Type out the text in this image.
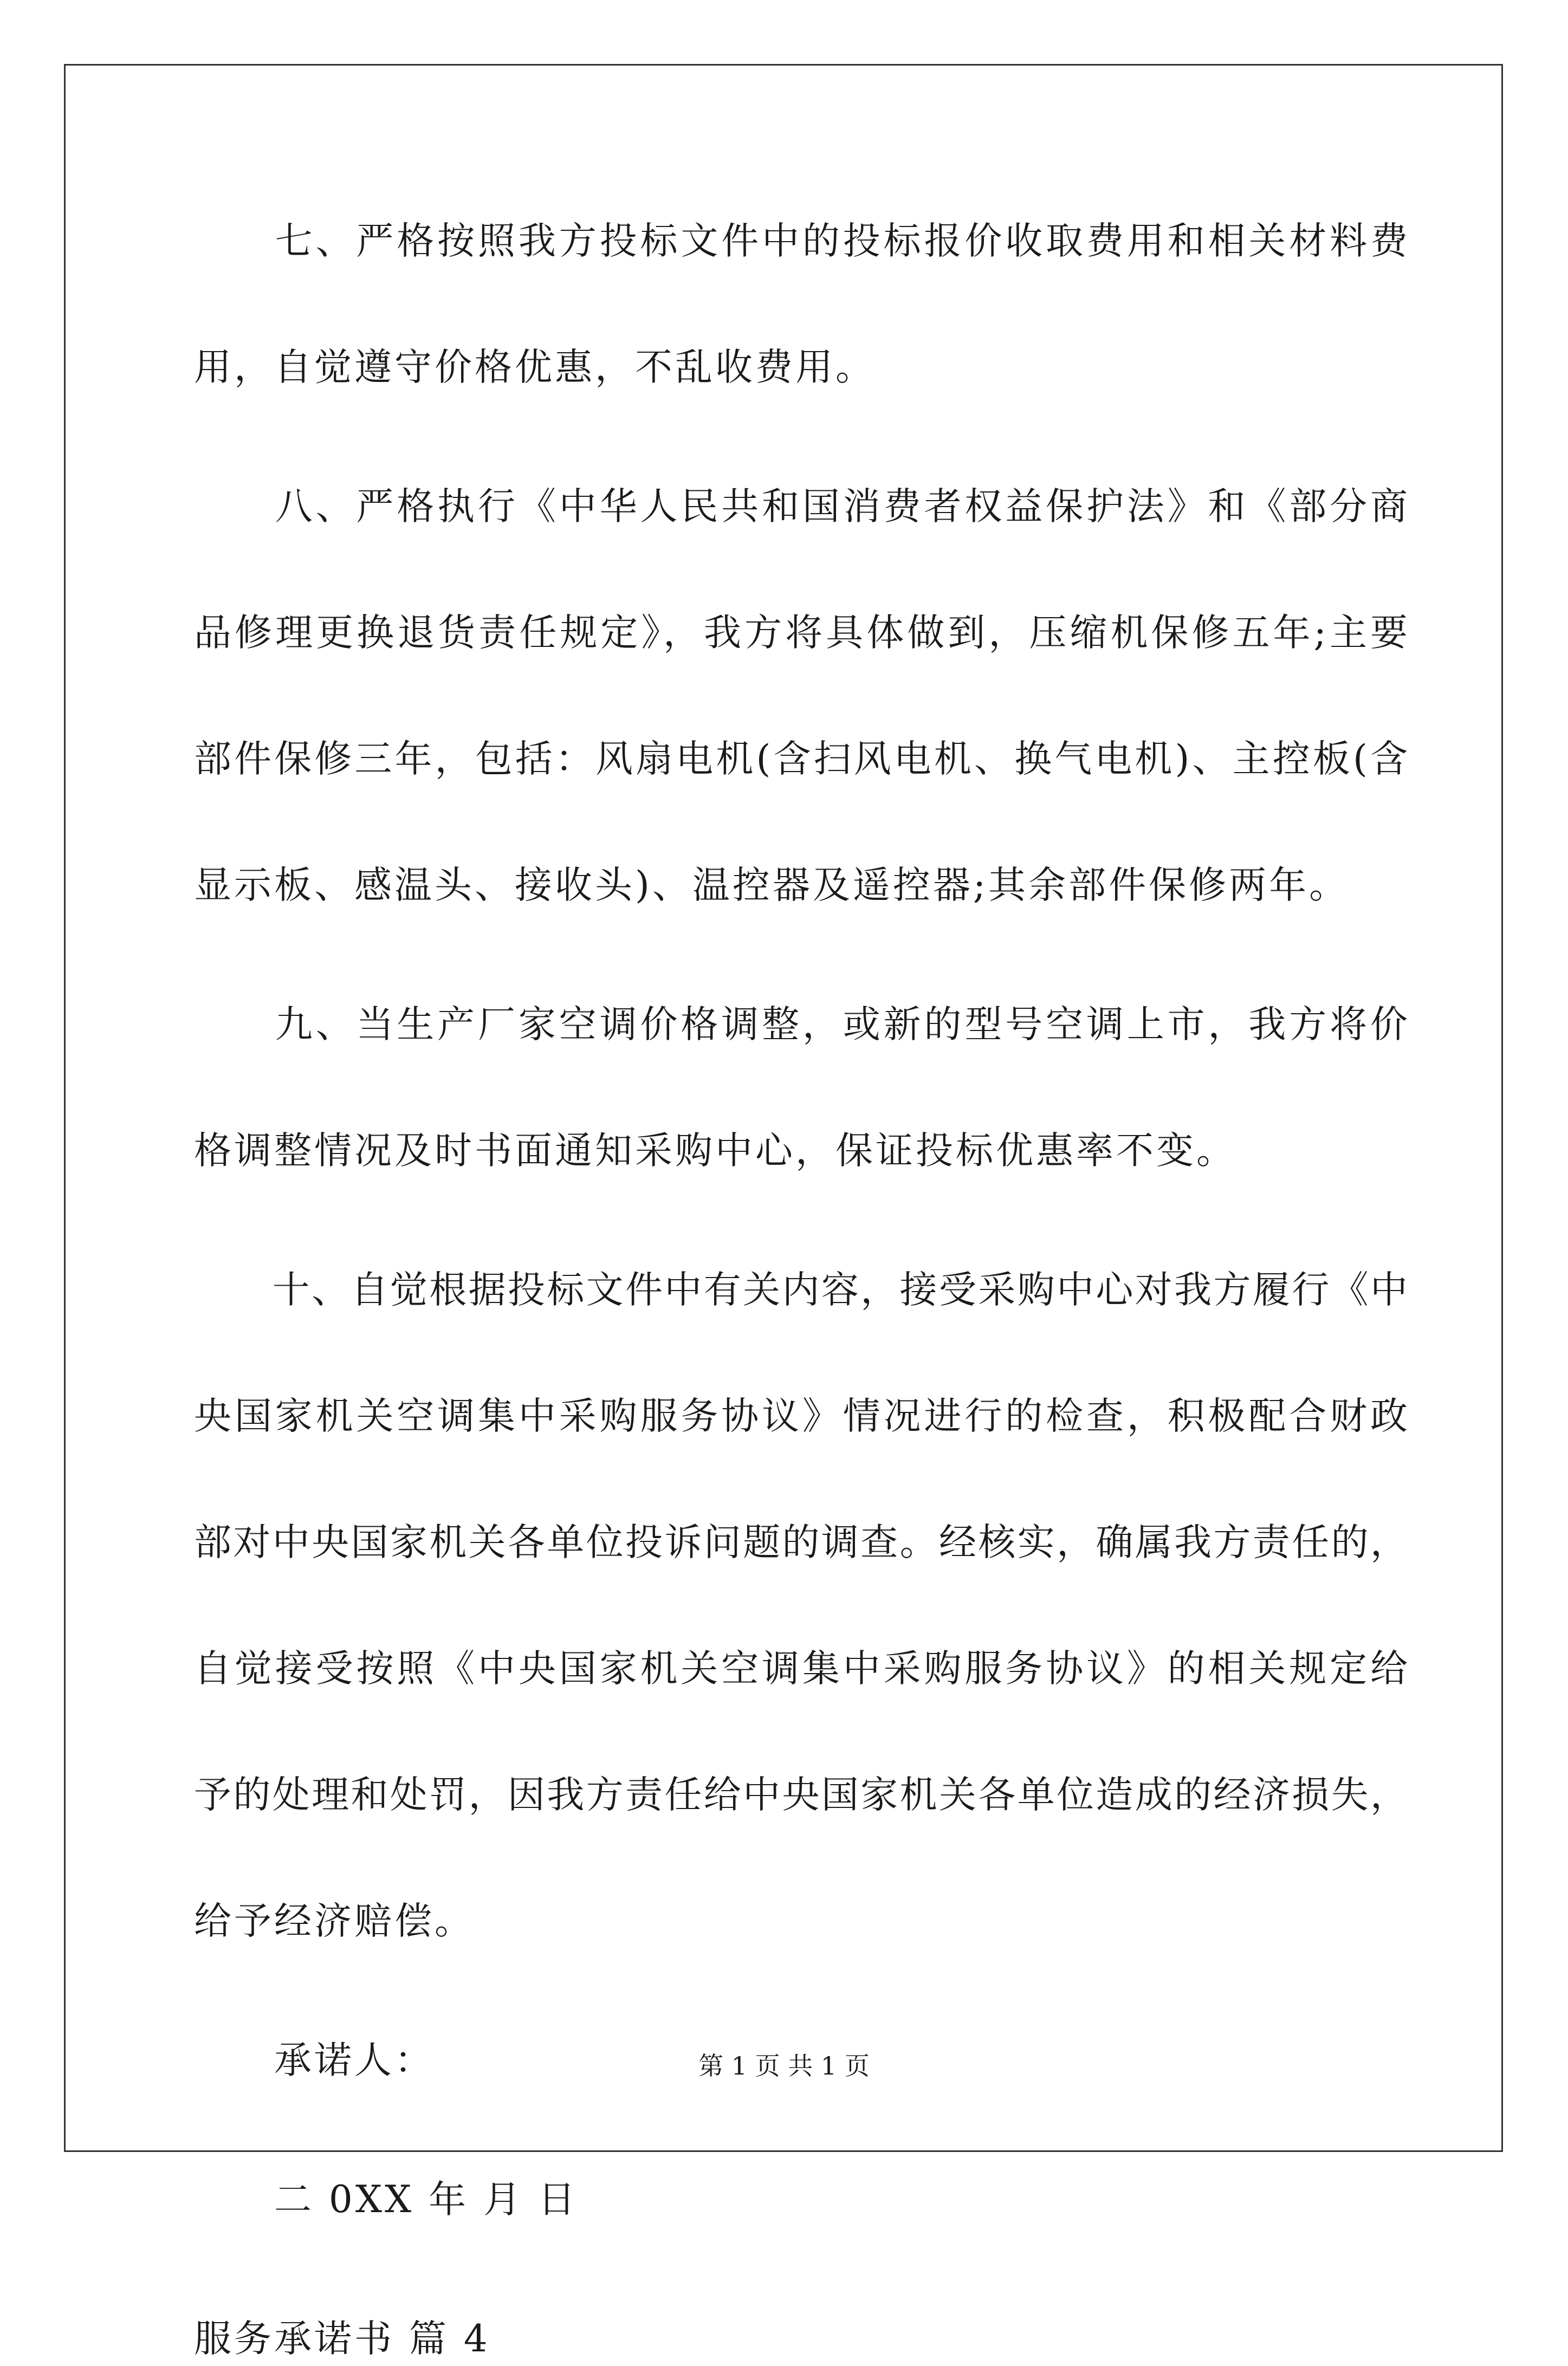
　　七、严格按照我方投标文件中的投标报价收取费用和相关材料费
用，自觉遵守价格优惠，不乱收费用。
　　八、严格执行《中华人民共和国消费者权益保护法》和《部分商
品修理更换退货责任规定》，我方将具体做到，压缩机保修五年;主要
部件保修三年，包括：风扇电机(含扫风电机、换气电机)、主控板(含
显示板、感温头、接收头)、温控器及遥控器;其余部件保修两年。
　　九、当生产厂家空调价格调整，或新的型号空调上市，我方将价
格调整情况及时书面通知采购中心，保证投标优惠率不变。
　　十、自觉根据投标文件中有关内容，接受采购中心对我方履行《中
央国家机关空调集中采购服务协议》情况进行的检查，积极配合财政
部对中央国家机关各单位投诉问题的调查。经核实，确属我方责任的，
自觉接受按照《中央国家机关空调集中采购服务协议》的相关规定给
予的处理和处罚，因我方责任给中央国家机关各单位造成的经济损失，
给予经济赔偿。
　　承诺人：
　　二 0XX 年 月 日
服务承诺书 篇 4
第 1 页 共 1 页
